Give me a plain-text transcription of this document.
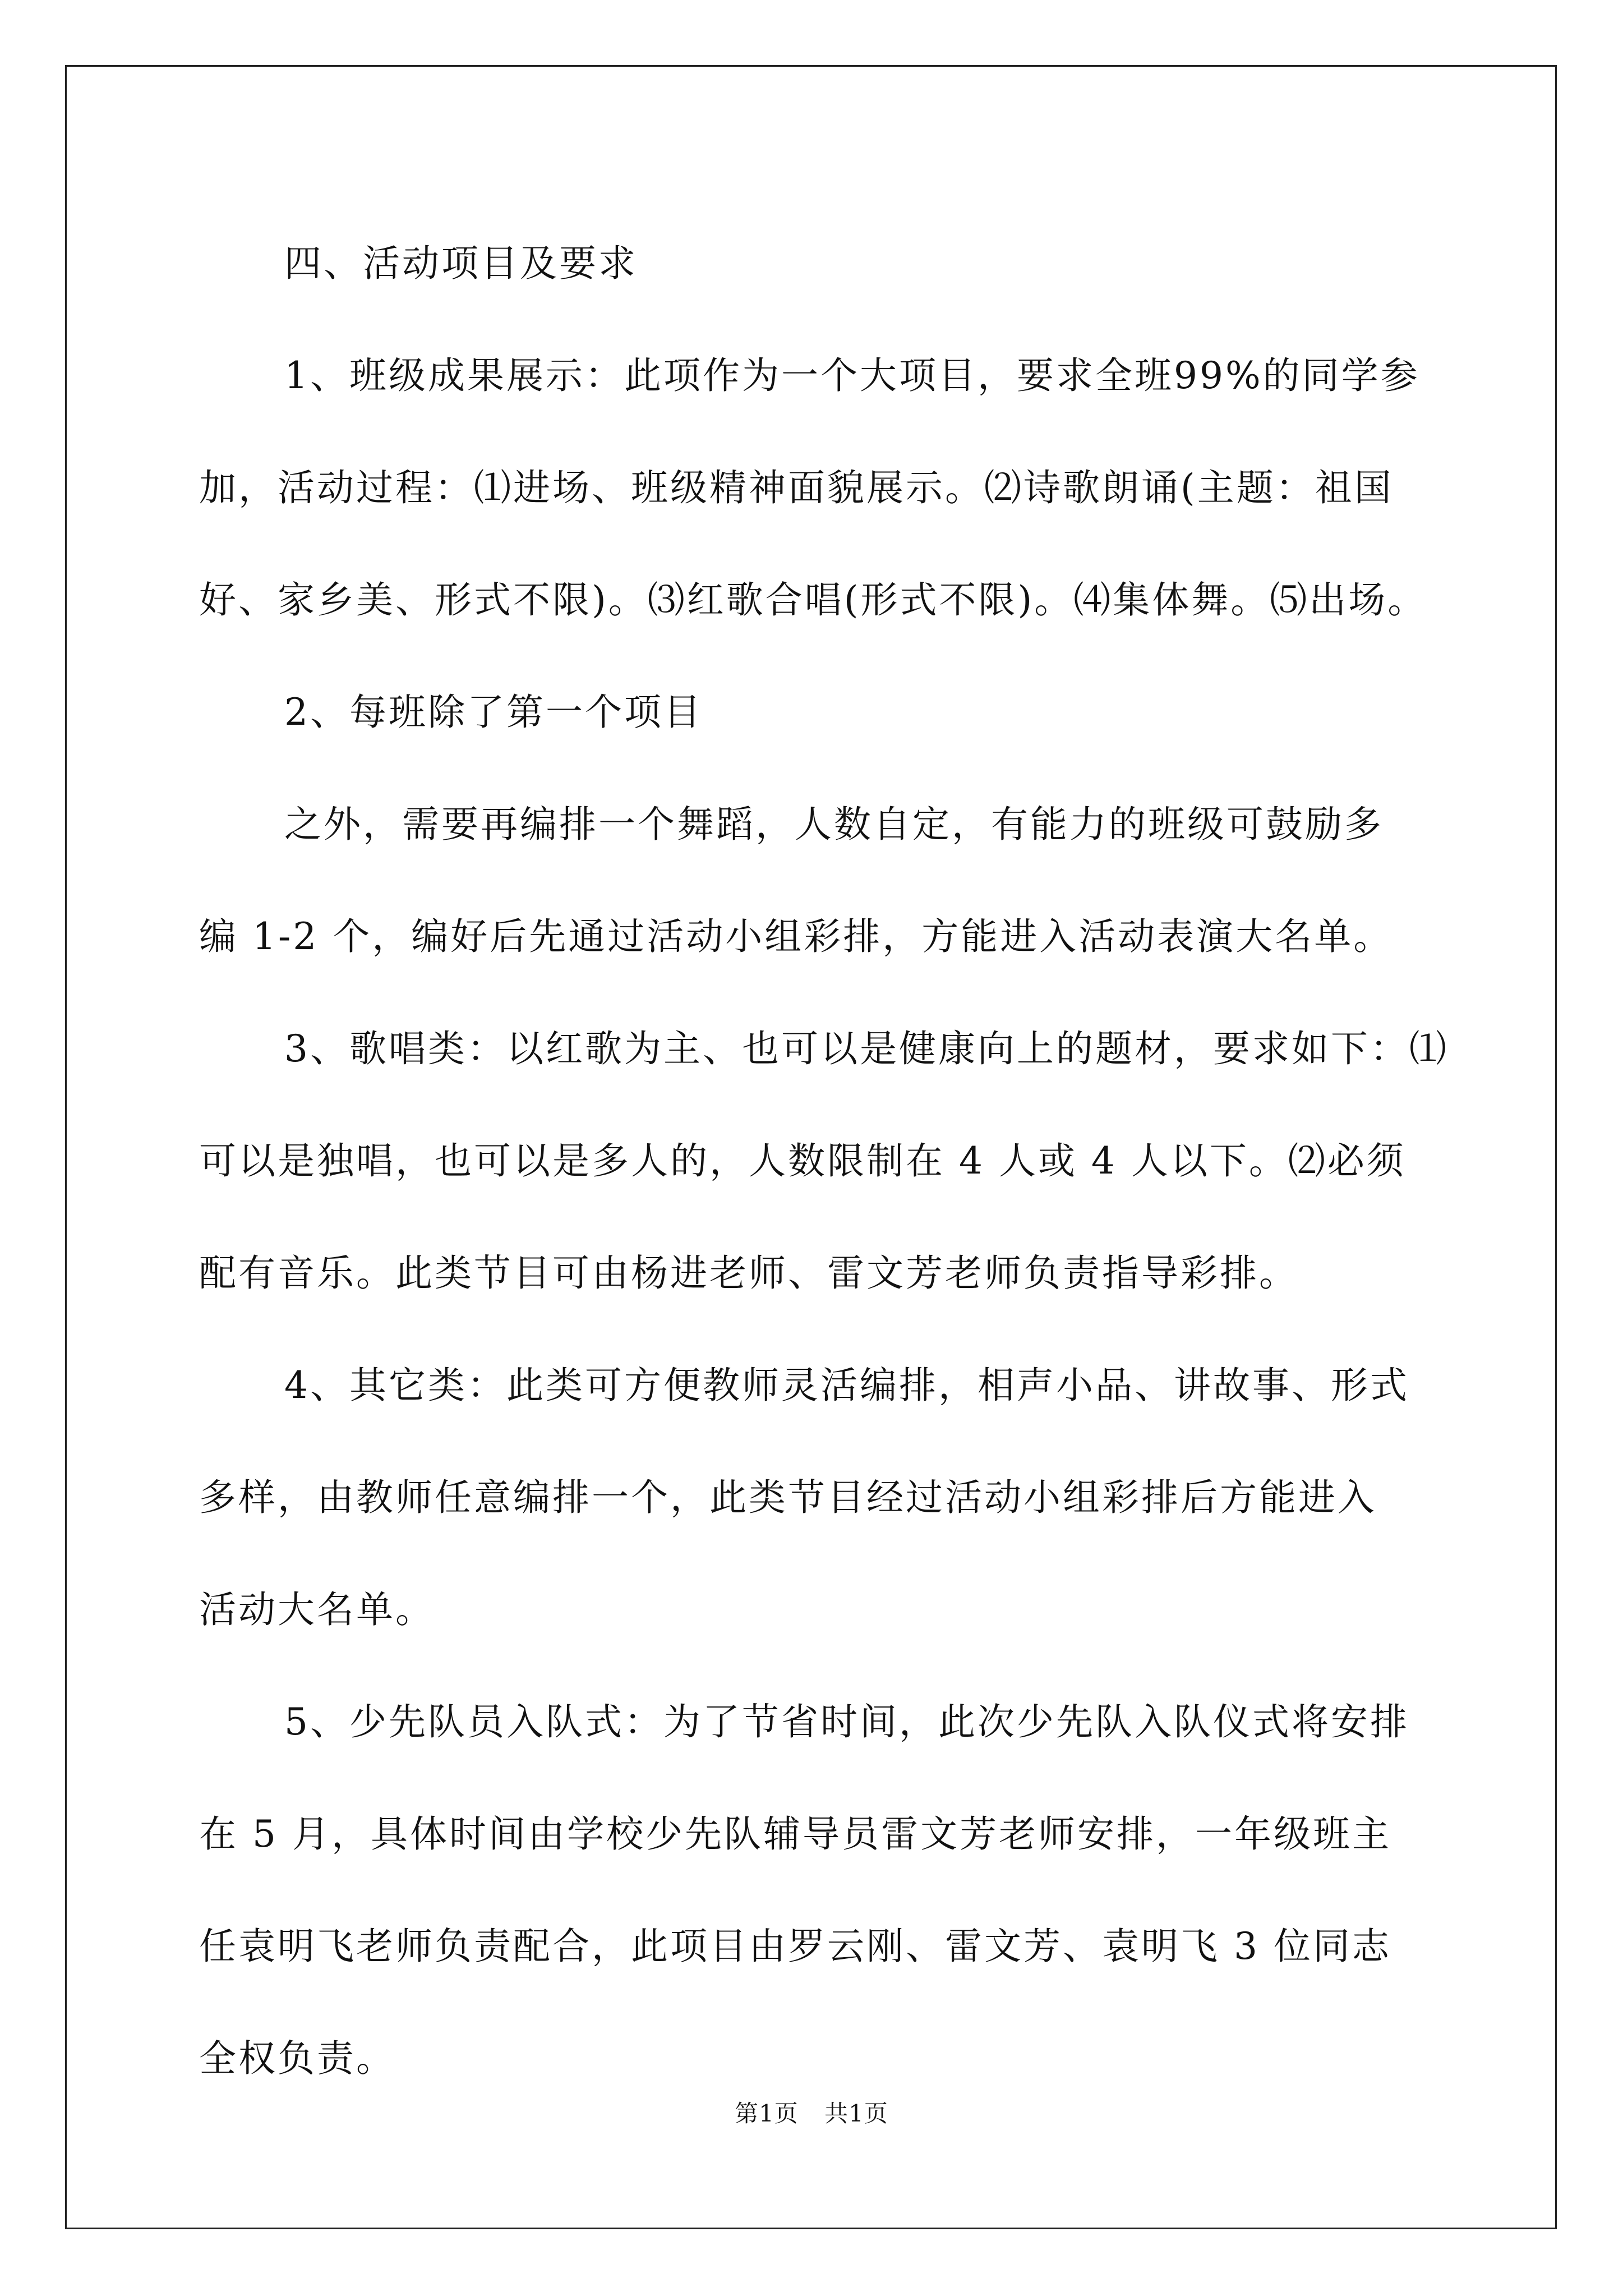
四、活动项目及要求
1、班级成果展示：此项作为一个大项目，要求全班99%的同学参
加，活动过程：⑴进场、班级精神面貌展示。⑵诗歌朗诵(主题：祖国
好、家乡美、形式不限)。⑶红歌合唱(形式不限)。⑷集体舞。⑸出场。
2、每班除了第一个项目
之外，需要再编排一个舞蹈，人数自定，有能力的班级可鼓励多
编 1-2 个，编好后先通过活动小组彩排，方能进入活动表演大名单。
3、歌唱类：以红歌为主、也可以是健康向上的题材，要求如下：⑴
可以是独唱，也可以是多人的，人数限制在 4 人或 4 人以下。⑵必须
配有音乐。此类节目可由杨进老师、雷文芳老师负责指导彩排。
4、其它类：此类可方便教师灵活编排，相声小品、讲故事、形式
多样，由教师任意编排一个，此类节目经过活动小组彩排后方能进入
活动大名单。
5、少先队员入队式：为了节省时间，此次少先队入队仪式将安排
在 5 月，具体时间由学校少先队辅导员雷文芳老师安排，一年级班主
任袁明飞老师负责配合，此项目由罗云刚、雷文芳、袁明飞 3 位同志
全权负责。
第1页 共1页
